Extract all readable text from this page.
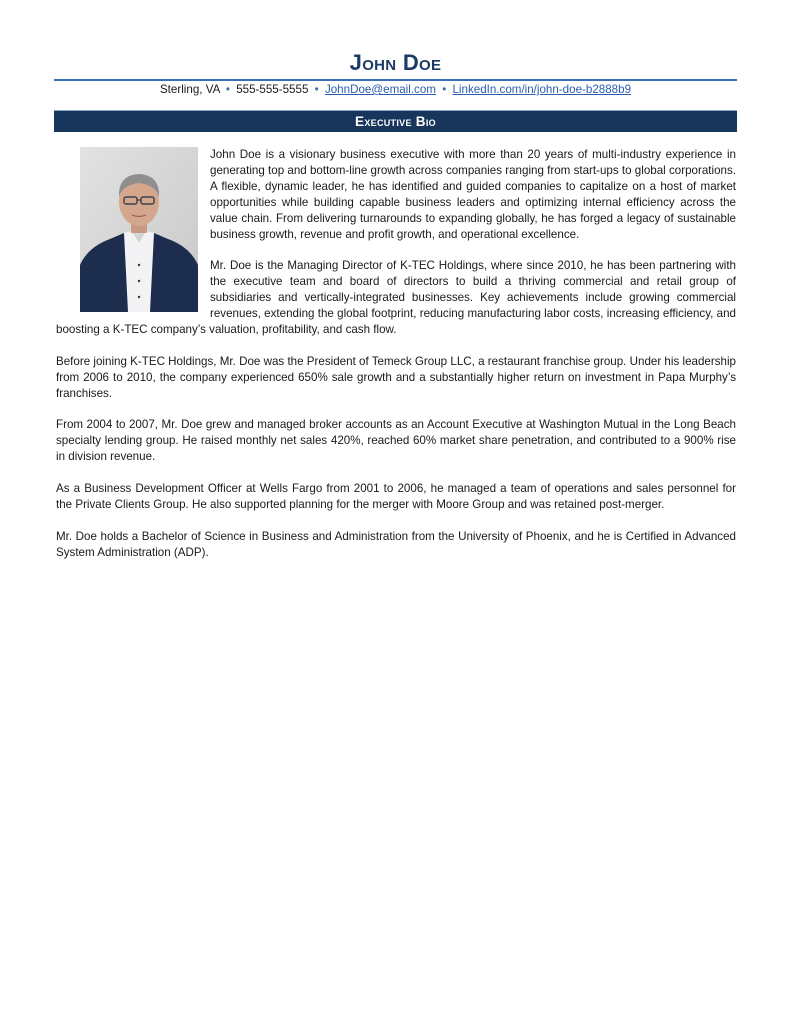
John Doe
Sterling, VA • 555-555-5555 • JohnDoe@email.com • LinkedIn.com/in/john-doe-b2888b9
Executive Bio

John Doe is a visionary business executive with more than 20 years of multi-industry experience in generating top and bottom-line growth across companies ranging from start-ups to global corporations. A flexible, dynamic leader, he has identified and guided companies to capitalize on a host of market opportunities while building capable business leaders and optimizing internal efficiency across the value chain. From delivering turnarounds to expanding globally, he has forged a legacy of sustainable business growth, revenue and profit growth, and operational excellence.

Mr. Doe is the Managing Director of K-TEC Holdings, where since 2010, he has been partnering with the executive team and board of directors to build a thriving commercial and retail group of subsidiaries and vertically-integrated businesses. Key achievements include growing commercial revenues, extending the global footprint, reducing manufacturing labor costs, increasing efficiency, and boosting a K-TEC company’s valuation, profitability, and cash flow.

Before joining K-TEC Holdings, Mr. Doe was the President of Temeck Group LLC, a restaurant franchise group. Under his leadership from 2006 to 2010, the company experienced 650% sale growth and a substantially higher return on investment in Papa Murphy’s franchises.

From 2004 to 2007, Mr. Doe grew and managed broker accounts as an Account Executive at Washington Mutual in the Long Beach specialty lending group. He raised monthly net sales 420%, reached 60% market share penetration, and contributed to a 900% rise in division revenue.

As a Business Development Officer at Wells Fargo from 2001 to 2006, he managed a team of operations and sales personnel for the Private Clients Group. He also supported planning for the merger with Moore Group and was retained post-merger.

Mr. Doe holds a Bachelor of Science in Business and Administration from the University of Phoenix, and he is Certified in Advanced System Administration (ADP).
